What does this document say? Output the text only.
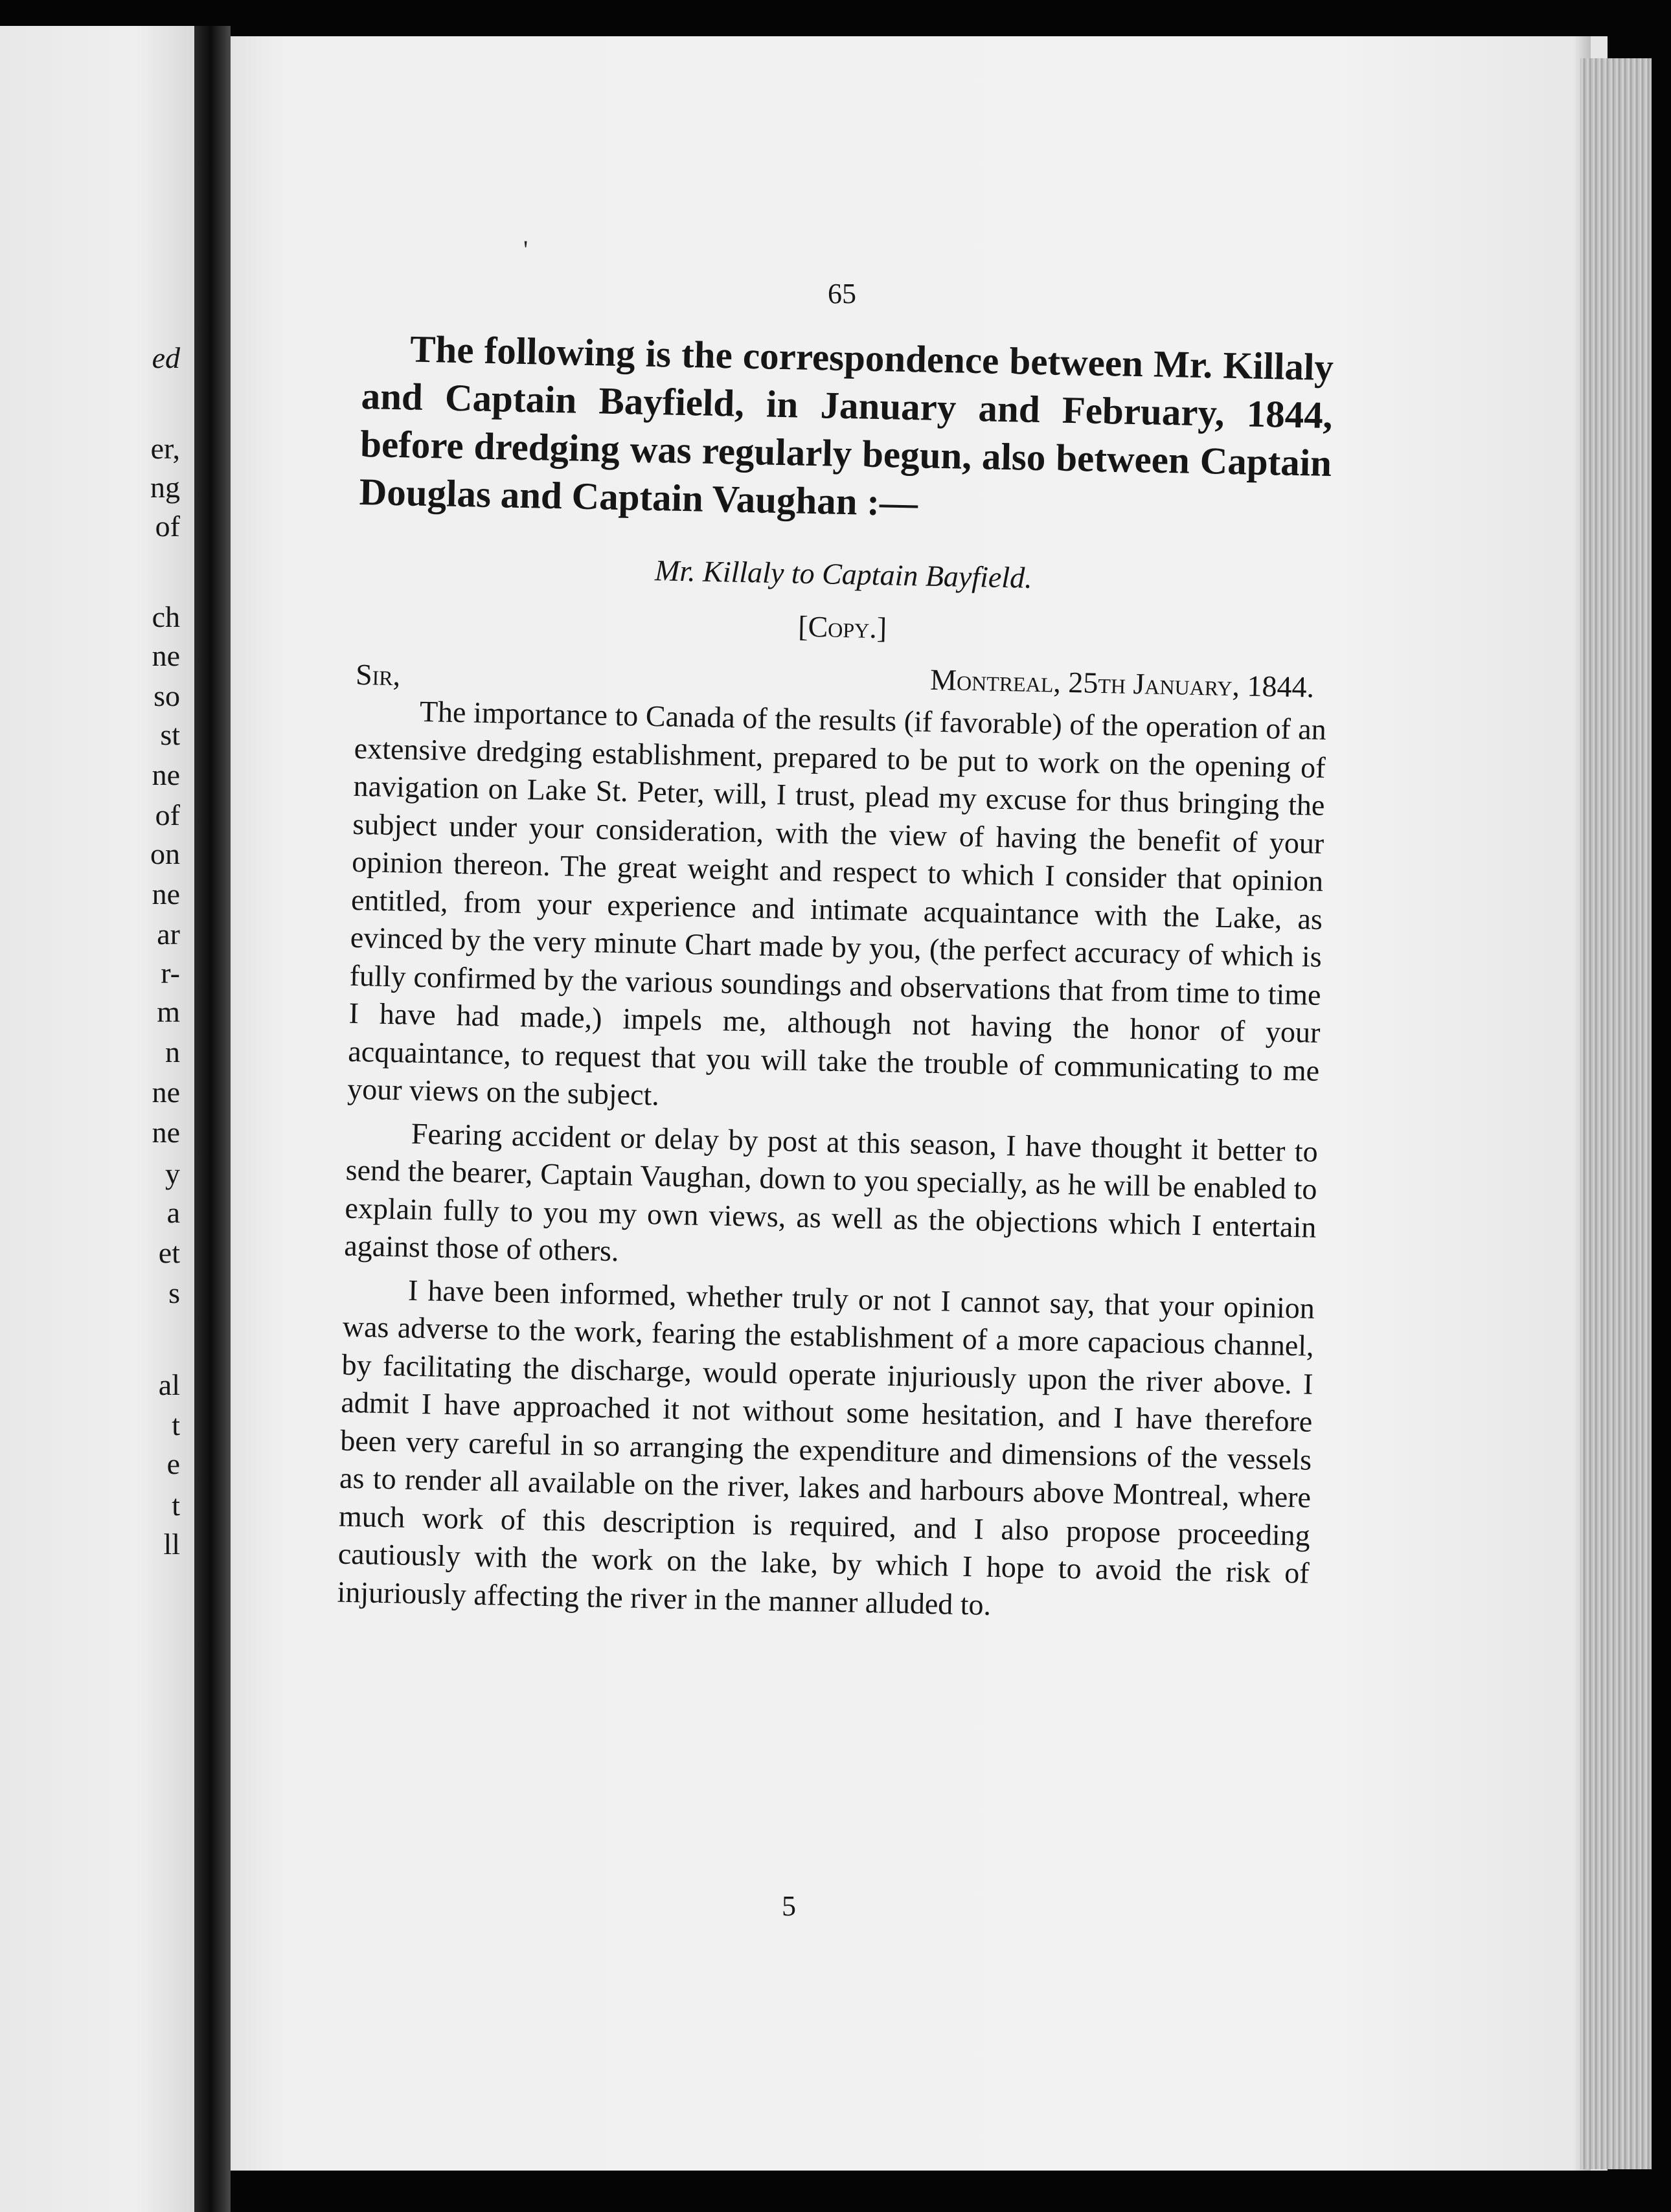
ed
er,
ng
of
ch
ne
so
st
ne
of
on
ne
ar
r-
m
n
ne
ne
y
a
et
s
al
t
e
t
ll
'
65

The following is the correspondence between Mr. Killaly and Captain Bayfield, in January and February, 1844, before dredging was regularly begun, also between Captain Douglas and Captain Vaughan :—

Mr. Killaly to Captain Bayfield.

[Copy.]

Sir,	Montreal, 25th January, 1844.

The importance to Canada of the results (if favorable) of the operation of an extensive dredging establishment, prepared to be put to work on the opening of navigation on Lake St. Peter, will, I trust, plead my excuse for thus bringing the subject under your consideration, with the view of having the benefit of your opinion thereon. The great weight and respect to which I consider that opinion entitled, from your experience and intimate acquaintance with the Lake, as evinced by the very minute Chart made by you, (the perfect accuracy of which is fully confirmed by the various soundings and observations that from time to time I have had made,) impels me, although not having the honor of your acquaintance, to request that you will take the trouble of communicating to me your views on the subject.

Fearing accident or delay by post at this season, I have thought it better to send the bearer, Captain Vaughan, down to you specially, as he will be enabled to explain fully to you my own views, as well as the objections which I entertain against those of others.

I have been informed, whether truly or not I cannot say, that your opinion was adverse to the work, fearing the establishment of a more capacious channel, by facilitating the discharge, would operate injuriously upon the river above. I admit I have approached it not without some hesitation, and I have therefore been very careful in so arranging the expenditure and dimensions of the vessels as to render all available on the river, lakes and harbours above Montreal, where much work of this description is required, and I also propose proceeding cautiously with the work on the lake, by which I hope to avoid the risk of injuriously affecting the river in the manner alluded to.

5
